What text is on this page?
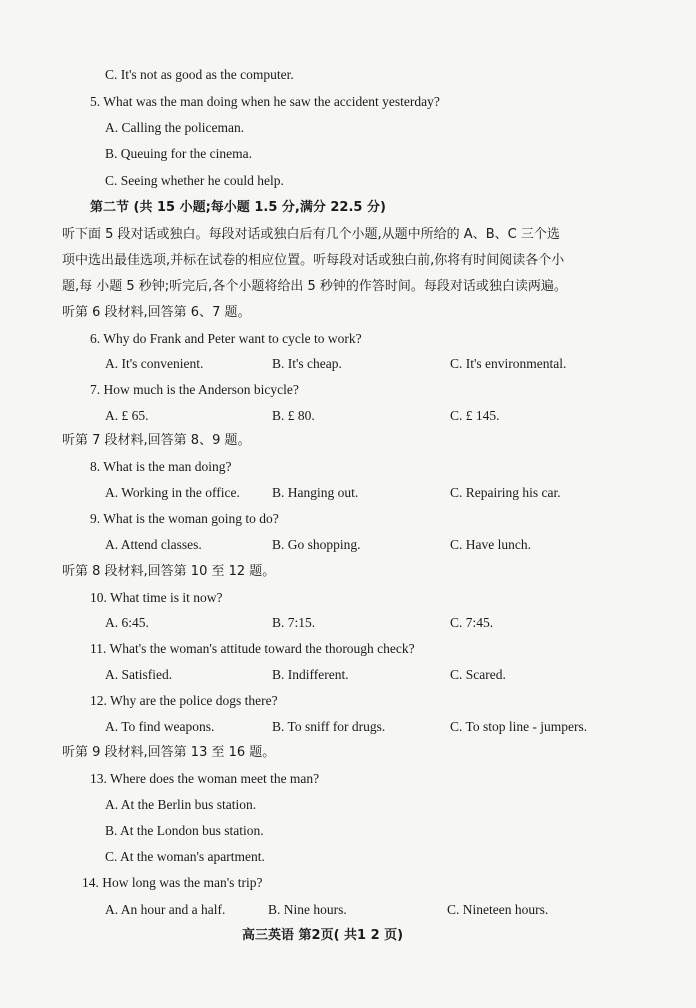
C. It's not as good as the computer.
5. What was the man doing when he saw the accident yesterday?
A. Calling the policeman.
B. Queuing for the cinema.
C. Seeing whether he could help.
第二节 (共 15 小题;每小题 1.5 分,满分 22.5 分)
听下面 5 段对话或独白。每段对话或独白后有几个小题,从题中所给的 A、B、C 三个选
项中选出最佳选项,并标在试卷的相应位置。听每段对话或独白前,你将有时间阅读各个小
题,每 小题 5 秒钟;听完后,各个小题将给出 5 秒钟的作答时间。每段对话或独白读两遍。
听第 6 段材料,回答第 6、7 题。
6. Why do Frank and Peter want to cycle to work?
A. It's convenient.	B. It's cheap.	C. It's environmental.
7. How much is the Anderson bicycle?
A. £ 65.	B. £ 80.	C. £ 145.
听第 7 段材料,回答第 8、9 题。
8. What is the man doing?
A. Working in the office. B. Hanging out.	C. Repairing his car.
9. What is the woman going to do?
A. Attend classes.	B. Go shopping.	C. Have lunch.
听第 8 段材料,回答第 10 至 12 题。
10. What time is it now?
A. 6:45.	B. 7:15.	C. 7:45.
11. What's the woman's attitude toward the thorough check?
A. Satisfied.	B. Indifferent.	C. Scared.
12. Why are the police dogs there?
A. To find weapons.	B. To sniff for drugs.	C. To stop line - jumpers.
听第 9 段材料,回答第 13 至 16 题。
13. Where does the woman meet the man?
A. At the Berlin bus station.
B. At the London bus station.
C. At the woman's apartment.
14. How long was the man's trip?
A. An hour and a half.	B. Nine hours.	C. Nineteen hours.
高三英语 第2页( 共1 2 页)
